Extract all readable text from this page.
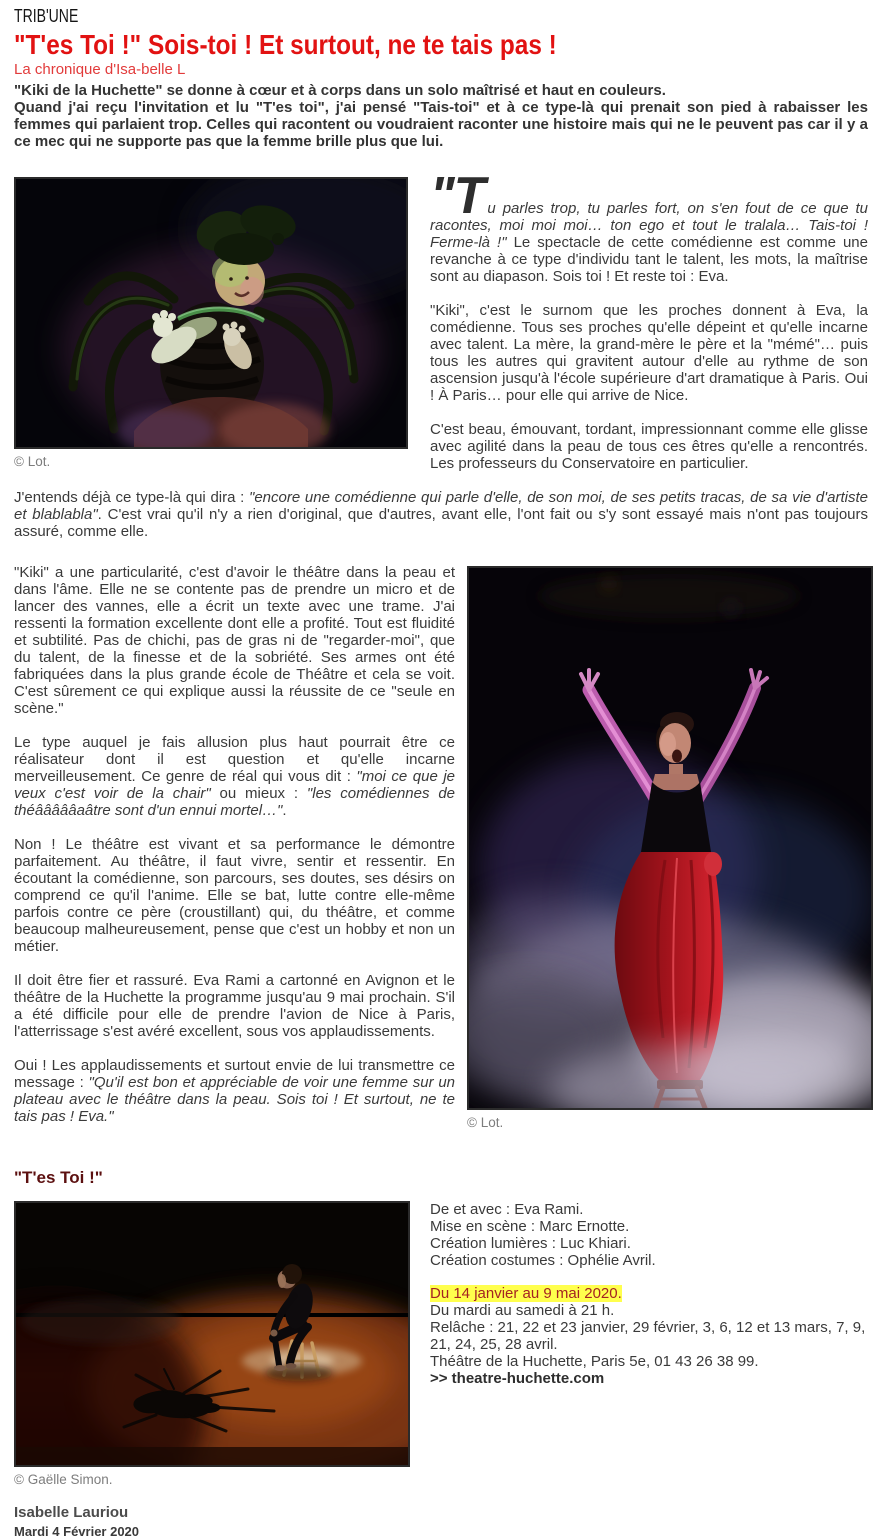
TRIB'UNE
"T'es Toi !" Sois-toi ! Et surtout, ne te tais pas !
La chronique d'Isa-belle L

"Kiki de la Huchette" se donne à cœur et à corps dans un solo maîtrisé et haut en couleurs.
Quand j'ai reçu l'invitation et lu "T'es toi", j'ai pensé "Tais-toi" et à ce type-là qui prenait son pied à rabaisser les femmes qui parlaient trop. Celles qui racontent ou voudraient raconter une histoire mais qui ne le peuvent pas car il y a ce mec qui ne supporte pas que la femme brille plus que lui.

© Lot.

"Tu parles trop, tu parles fort, on s'en fout de ce que tu racontes, moi moi moi… ton ego et tout le tralala… Tais-toi ! Ferme-là !" Le spectacle de cette comédienne est comme une revanche à ce type d'individu tant le talent, les mots, la maîtrise sont au diapason. Sois toi ! Et reste toi : Eva.

"Kiki", c'est le surnom que les proches donnent à Eva, la comédienne. Tous ses proches qu'elle dépeint et qu'elle incarne avec talent. La mère, la grand-mère le père et la "mémé"… puis tous les autres qui gravitent autour d'elle au rythme de son ascension jusqu'à l'école supérieure d'art dramatique à Paris. Oui ! À Paris… pour elle qui arrive de Nice.

C'est beau, émouvant, tordant, impressionnant comme elle glisse avec agilité dans la peau de tous ces êtres qu'elle a rencontrés. Les professeurs du Conservatoire en particulier.

J'entends déjà ce type-là qui dira : "encore une comédienne qui parle d'elle, de son moi, de ses petits tracas, de sa vie d'artiste et blablabla". C'est vrai qu'il n'y a rien d'original, que d'autres, avant elle, l'ont fait ou s'y sont essayé mais n'ont pas toujours assuré, comme elle.

© Lot.

"Kiki" a une particularité, c'est d'avoir le théâtre dans la peau et dans l'âme. Elle ne se contente pas de prendre un micro et de lancer des vannes, elle a écrit un texte avec une trame. J'ai ressenti la formation excellente dont elle a profité. Tout est fluidité et subtilité. Pas de chichi, pas de gras ni de "regarder-moi", que du talent, de la finesse et de la sobriété. Ses armes ont été fabriquées dans la plus grande école de Théâtre et cela se voit. C'est sûrement ce qui explique aussi la réussite de ce "seule en scène."

Le type auquel je fais allusion plus haut pourrait être ce réalisateur dont il est question et qu'elle incarne merveilleusement. Ce genre de réal qui vous dit : "moi ce que je veux c'est voir de la chair" ou mieux : "les comédiennes de théâââââaâtre sont d'un ennui mortel…".

Non ! Le théâtre est vivant et sa performance le démontre parfaitement. Au théâtre, il faut vivre, sentir et ressentir. En écoutant la comédienne, son parcours, ses doutes, ses désirs on comprend ce qu'il l'anime. Elle se bat, lutte contre elle-même parfois contre ce père (croustillant) qui, du théâtre, et comme beaucoup malheureusement, pense que c'est un hobby et non un métier.

Il doit être fier et rassuré. Eva Rami a cartonné en Avignon et le théâtre de la Huchette la programme jusqu'au 9 mai prochain. S'il a été difficile pour elle de prendre l'avion de Nice à Paris, l'atterrissage s'est avéré excellent, sous vos applaudissements.

Oui ! Les applaudissements et surtout envie de lui transmettre ce message : "Qu'il est bon et appréciable de voir une femme sur un plateau avec le théâtre dans la peau. Sois toi ! Et surtout, ne te tais pas ! Eva."

"T'es Toi !"
© Gaëlle Simon.
De et avec : Eva Rami.
Mise en scène : Marc Ernotte.
Création lumières : Luc Khiari.
Création costumes : Ophélie Avril.
Du 14 janvier au 9 mai 2020.
Du mardi au samedi à 21 h.
Relâche : 21, 22 et 23 janvier, 29 février, 3, 6, 12 et 13 mars, 7, 9, 21, 24, 25, 28 avril.
Théâtre de la Huchette, Paris 5e, 01 43 26 38 99.
>> theatre-huchette.com
Isabelle Lauriou
Mardi 4 Février 2020
